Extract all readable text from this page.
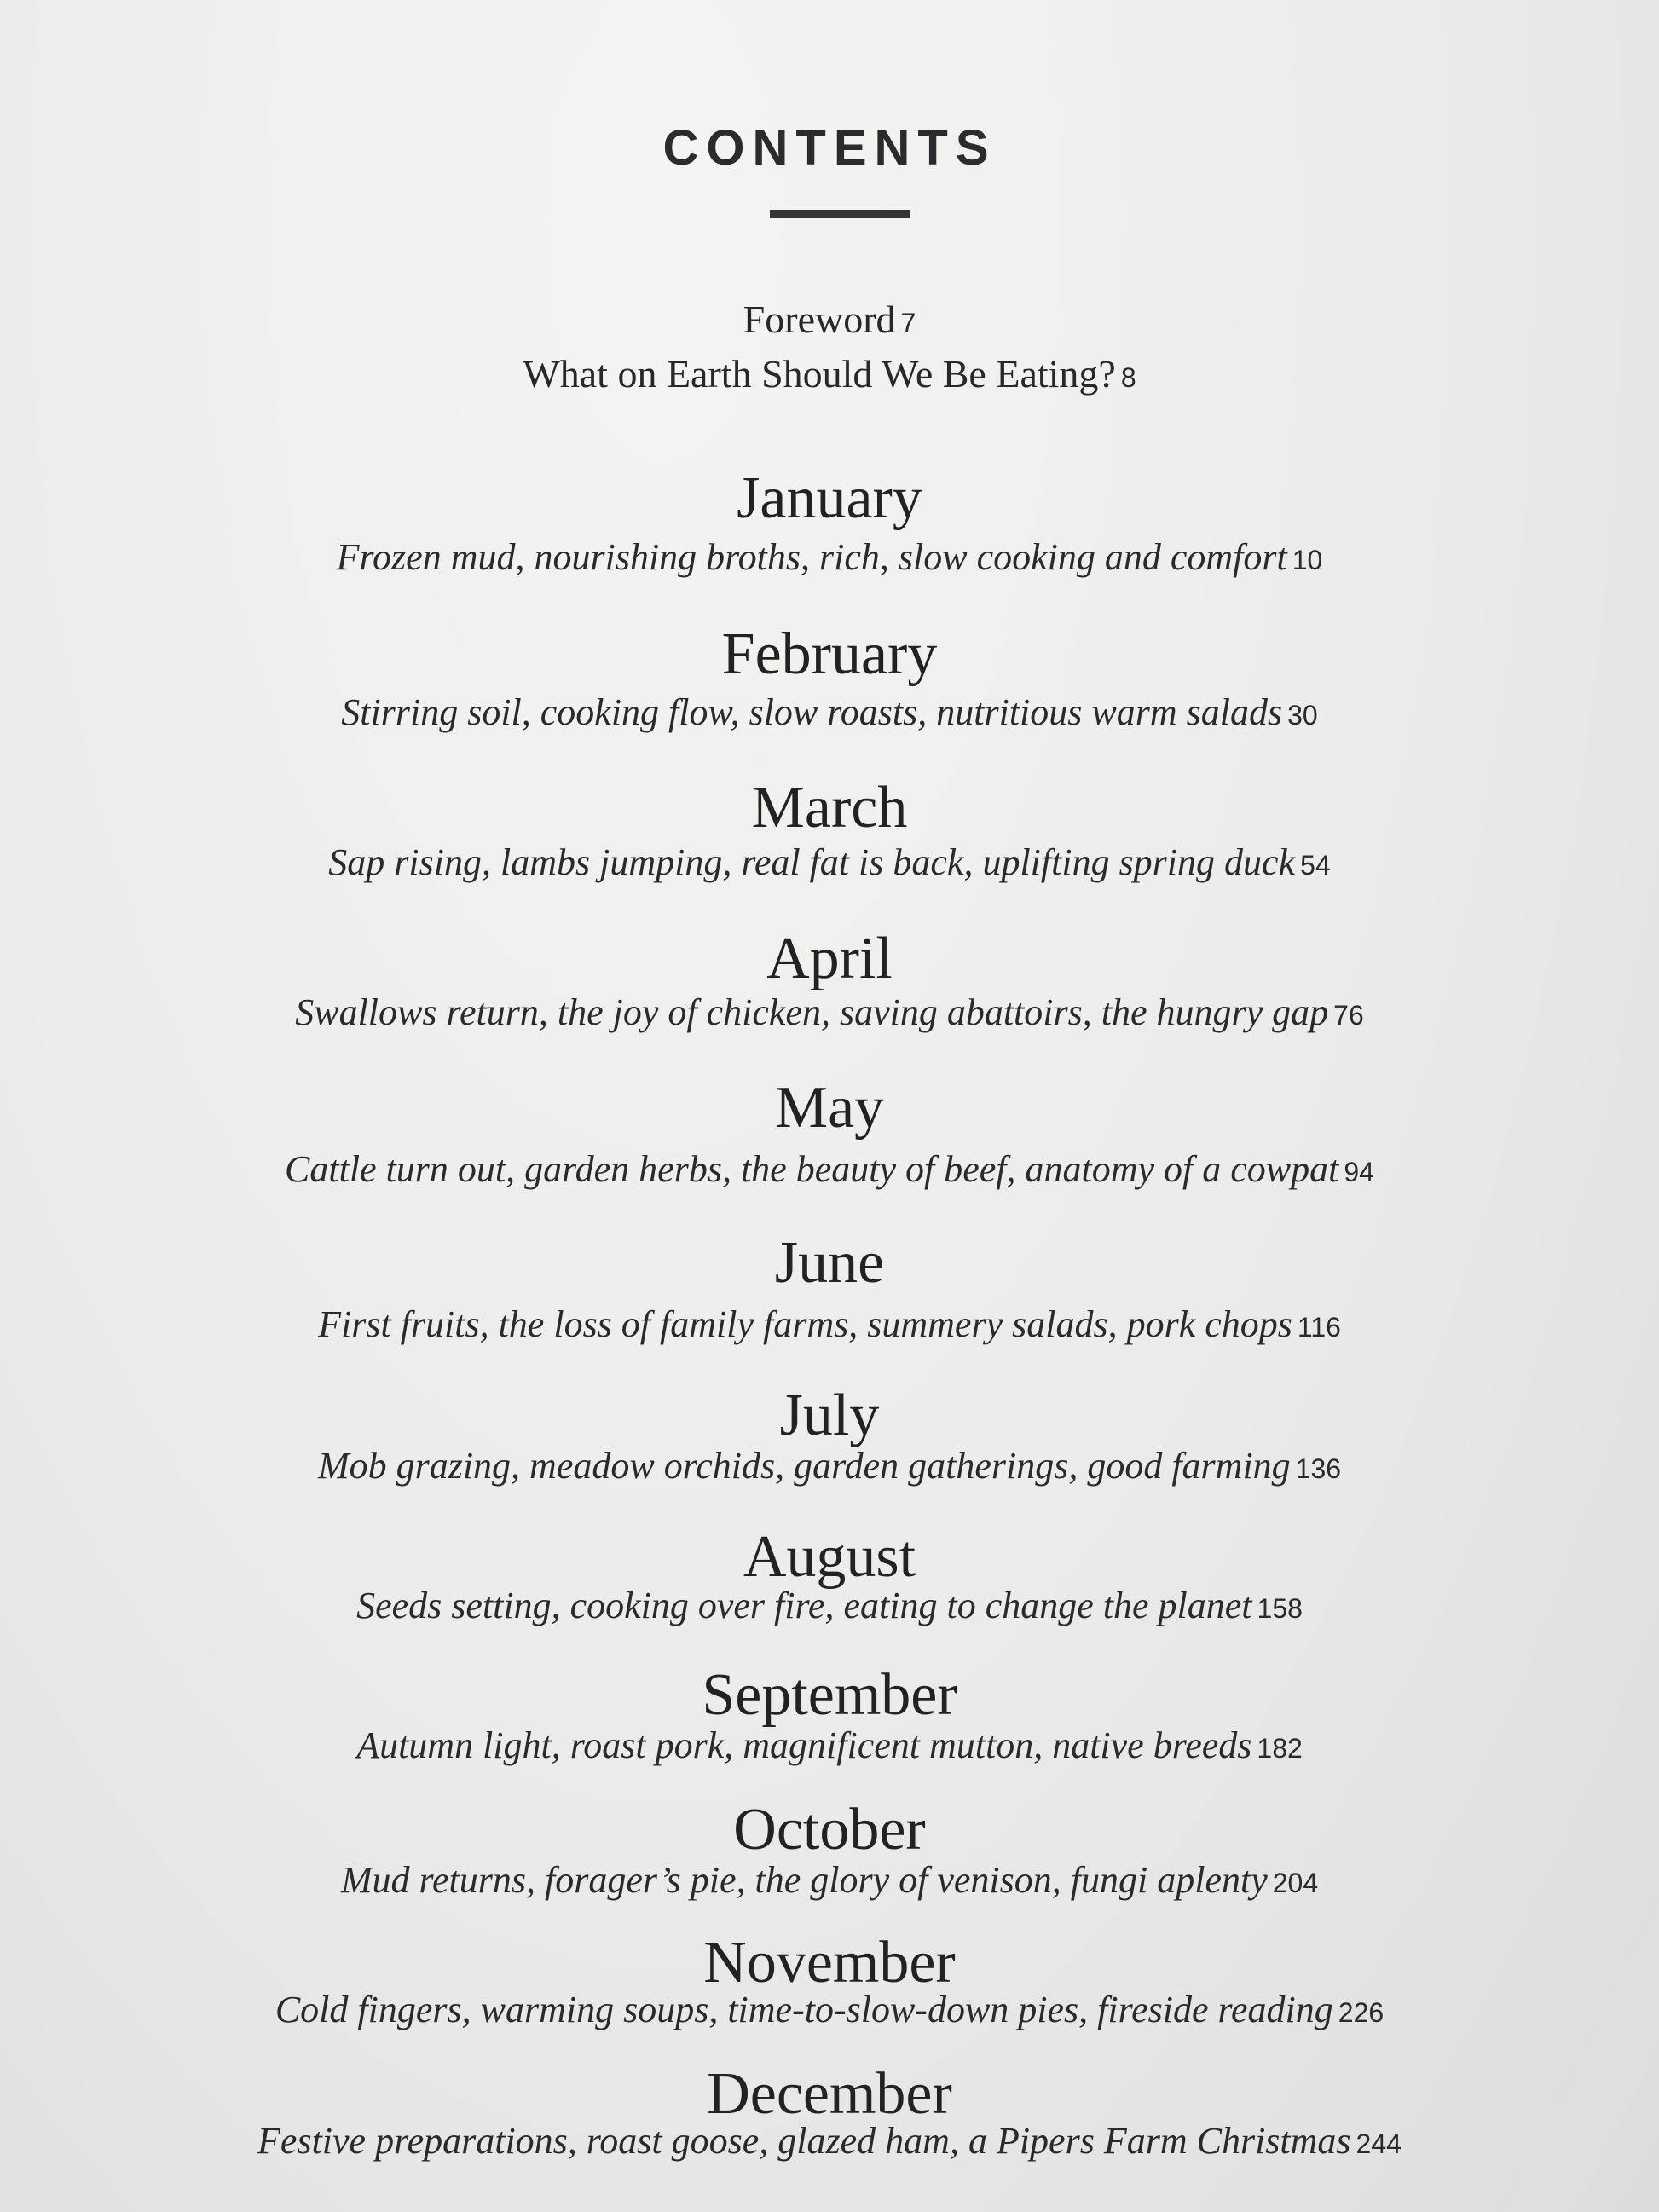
CONTENTS
Foreword 7
What on Earth Should We Be Eating? 8
January
Frozen mud, nourishing broths, rich, slow cooking and comfort 10
February
Stirring soil, cooking flow, slow roasts, nutritious warm salads 30
March
Sap rising, lambs jumping, real fat is back, uplifting spring duck 54
April
Swallows return, the joy of chicken, saving abattoirs, the hungry gap 76
May
Cattle turn out, garden herbs, the beauty of beef, anatomy of a cowpat 94
June
First fruits, the loss of family farms, summery salads, pork chops 116
July
Mob grazing, meadow orchids, garden gatherings, good farming 136
August
Seeds setting, cooking over fire, eating to change the planet 158
September
Autumn light, roast pork, magnificent mutton, native breeds 182
October
Mud returns, forager’s pie, the glory of venison, fungi aplenty 204
November
Cold fingers, warming soups, time-to-slow-down pies, fireside reading 226
December
Festive preparations, roast goose, glazed ham, a Pipers Farm Christmas 244
